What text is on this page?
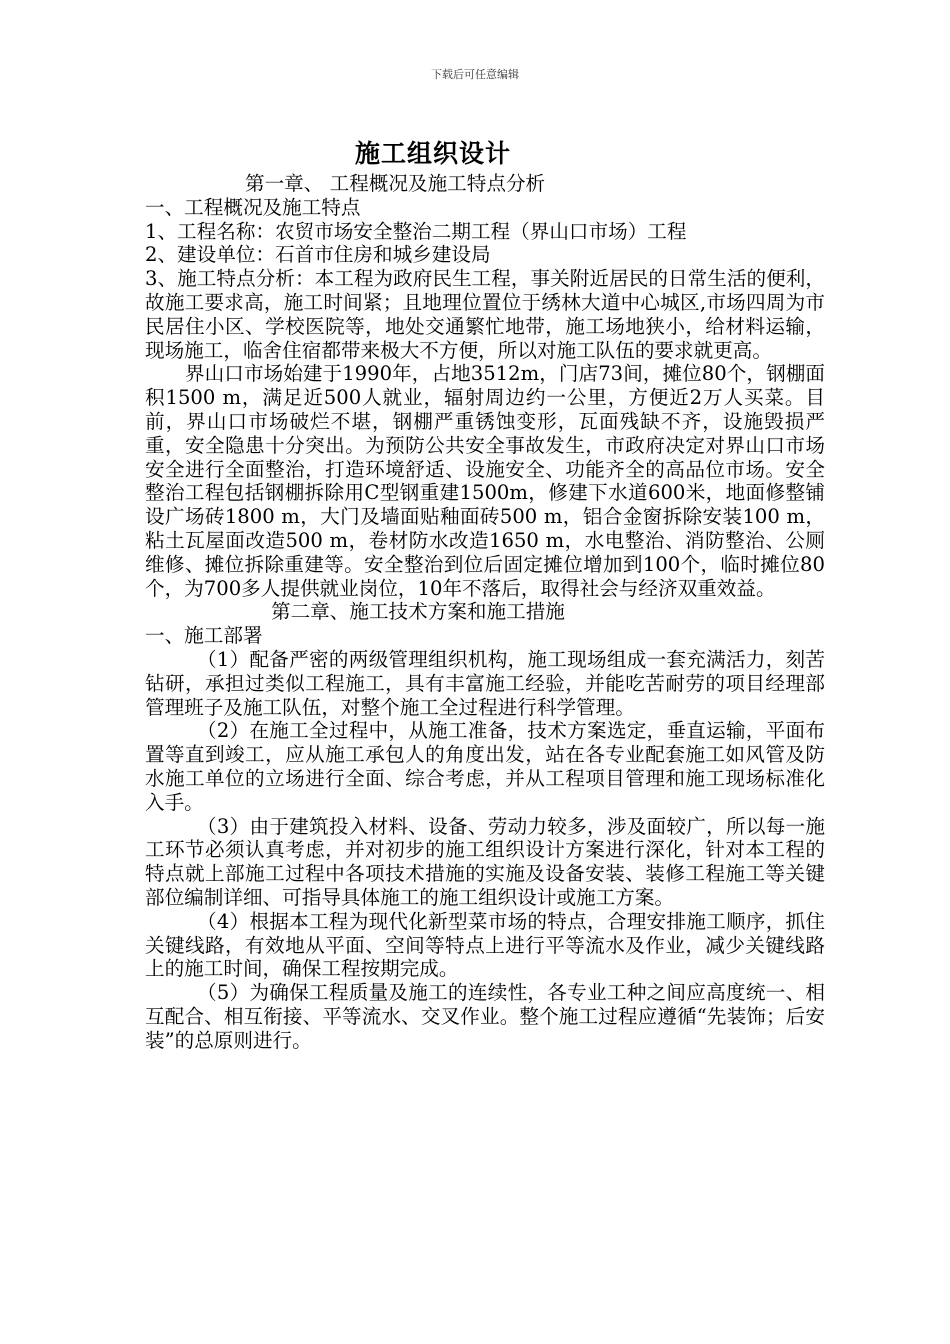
下载后可任意编辑
施工组织设计

第一章、 工程概况及施工特点分析

一、工程概况及施工特点

1、工程名称：农贸市场安全整治二期工程（界山口市场）工程

2、建设单位：石首市住房和城乡建设局

3、施工特点分析：本工程为政府民生工程，事关附近居民的日常生活的便利，故施工要求高，施工时间紧；且地理位置位于绣林大道中心城区,市场四周为市民居住小区、学校医院等，地处交通繁忙地带，施工场地狭小，给材料运输，现场施工，临舍住宿都带来极大不方便，所以对施工队伍的要求就更高。

界山口市场始建于1990年，占地3512m，门店73间，摊位80个，钢棚面积1500 m，满足近500人就业，辐射周边约一公里，方便近2万人买菜。目前，界山口市场破烂不堪，钢棚严重锈蚀变形，瓦面残缺不齐，设施毁损严重，安全隐患十分突出。为预防公共安全事故发生，市政府决定对界山口市场安全进行全面整治，打造环境舒适、设施安全、功能齐全的高品位市场。安全整治工程包括钢棚拆除用C型钢重建1500m，修建下水道600米，地面修整铺设广场砖1800 m，大门及墙面贴釉面砖500 m，铝合金窗拆除安装100 m，粘土瓦屋面改造500 m，卷材防水改造1650 m，水电整治、消防整治、公厕维修、摊位拆除重建等。安全整治到位后固定摊位增加到100个，临时摊位80个，为700多人提供就业岗位，10年不落后，取得社会与经济双重效益。

第二章、施工技术方案和施工措施

一、施工部署

（1）配备严密的两级管理组织机构，施工现场组成一套充满活力，刻苦钻研，承担过类似工程施工，具有丰富施工经验，并能吃苦耐劳的项目经理部管理班子及施工队伍，对整个施工全过程进行科学管理。

（2）在施工全过程中，从施工准备，技术方案选定，垂直运输，平面布置等直到竣工，应从施工承包人的角度出发，站在各专业配套施工如风管及防水施工单位的立场进行全面、综合考虑，并从工程项目管理和施工现场标准化入手。

（3）由于建筑投入材料、设备、劳动力较多，涉及面较广，所以每一施工环节必须认真考虑，并对初步的施工组织设计方案进行深化，针对本工程的特点就上部施工过程中各项技术措施的实施及设备安装、装修工程施工等关键部位编制详细、可指导具体施工的施工组织设计或施工方案。

（4）根据本工程为现代化新型菜市场的特点，合理安排施工顺序，抓住关键线路，有效地从平面、空间等特点上进行平等流水及作业，减少关键线路上的施工时间，确保工程按期完成。

（5）为确保工程质量及施工的连续性，各专业工种之间应高度统一、相互配合、相互衔接、平等流水、交叉作业。整个施工过程应遵循“先装饰；后安装”的总原则进行。
